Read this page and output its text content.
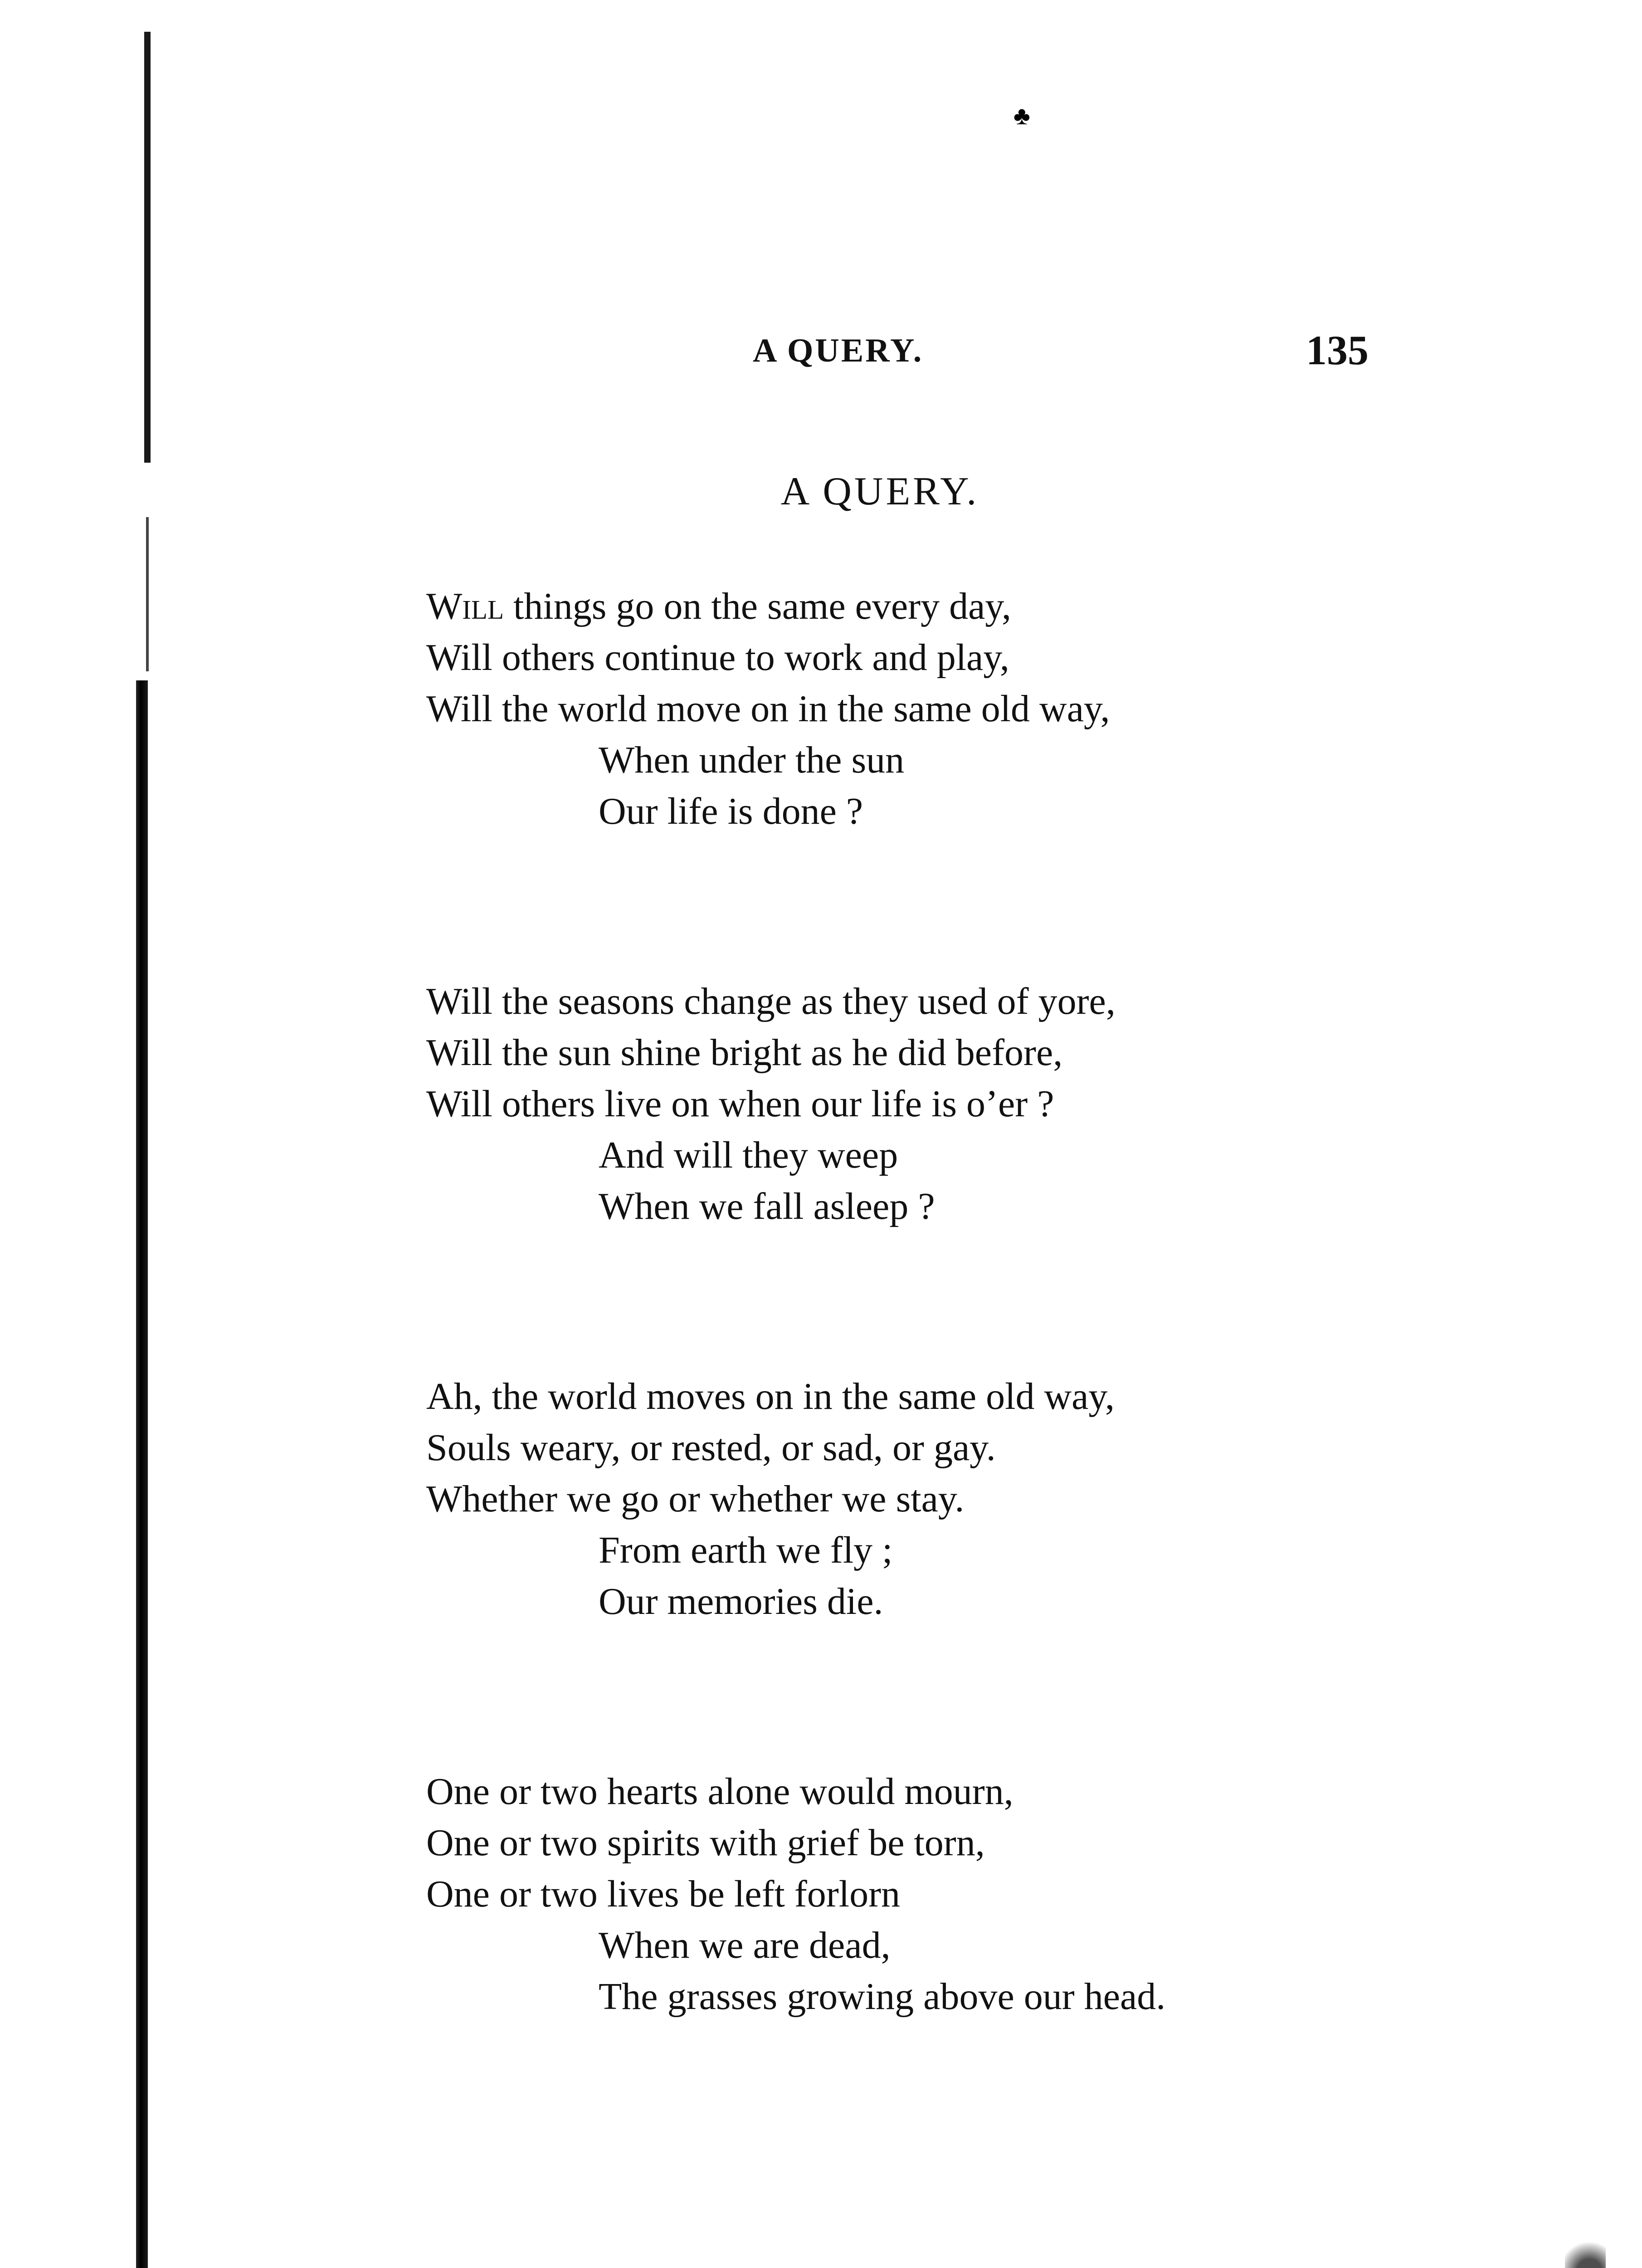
♣
A QUERY.	135
A QUERY.
Will things go on the same every day,
Will others continue to work and play,
Will the world move on in the same old way,
When under the sun
Our life is done ?
Will the seasons change as they used of yore,
Will the sun shine bright as he did before,
Will others live on when our life is o’er ?
And will they weep
When we fall asleep ?
Ah, the world moves on in the same old way,
Souls weary, or rested, or sad, or gay.
Whether we go or whether we stay.
From earth we fly ;
Our memories die.
One or two hearts alone would mourn,
One or two spirits with grief be torn,
One or two lives be left forlorn
When we are dead,
The grasses growing above our head.
